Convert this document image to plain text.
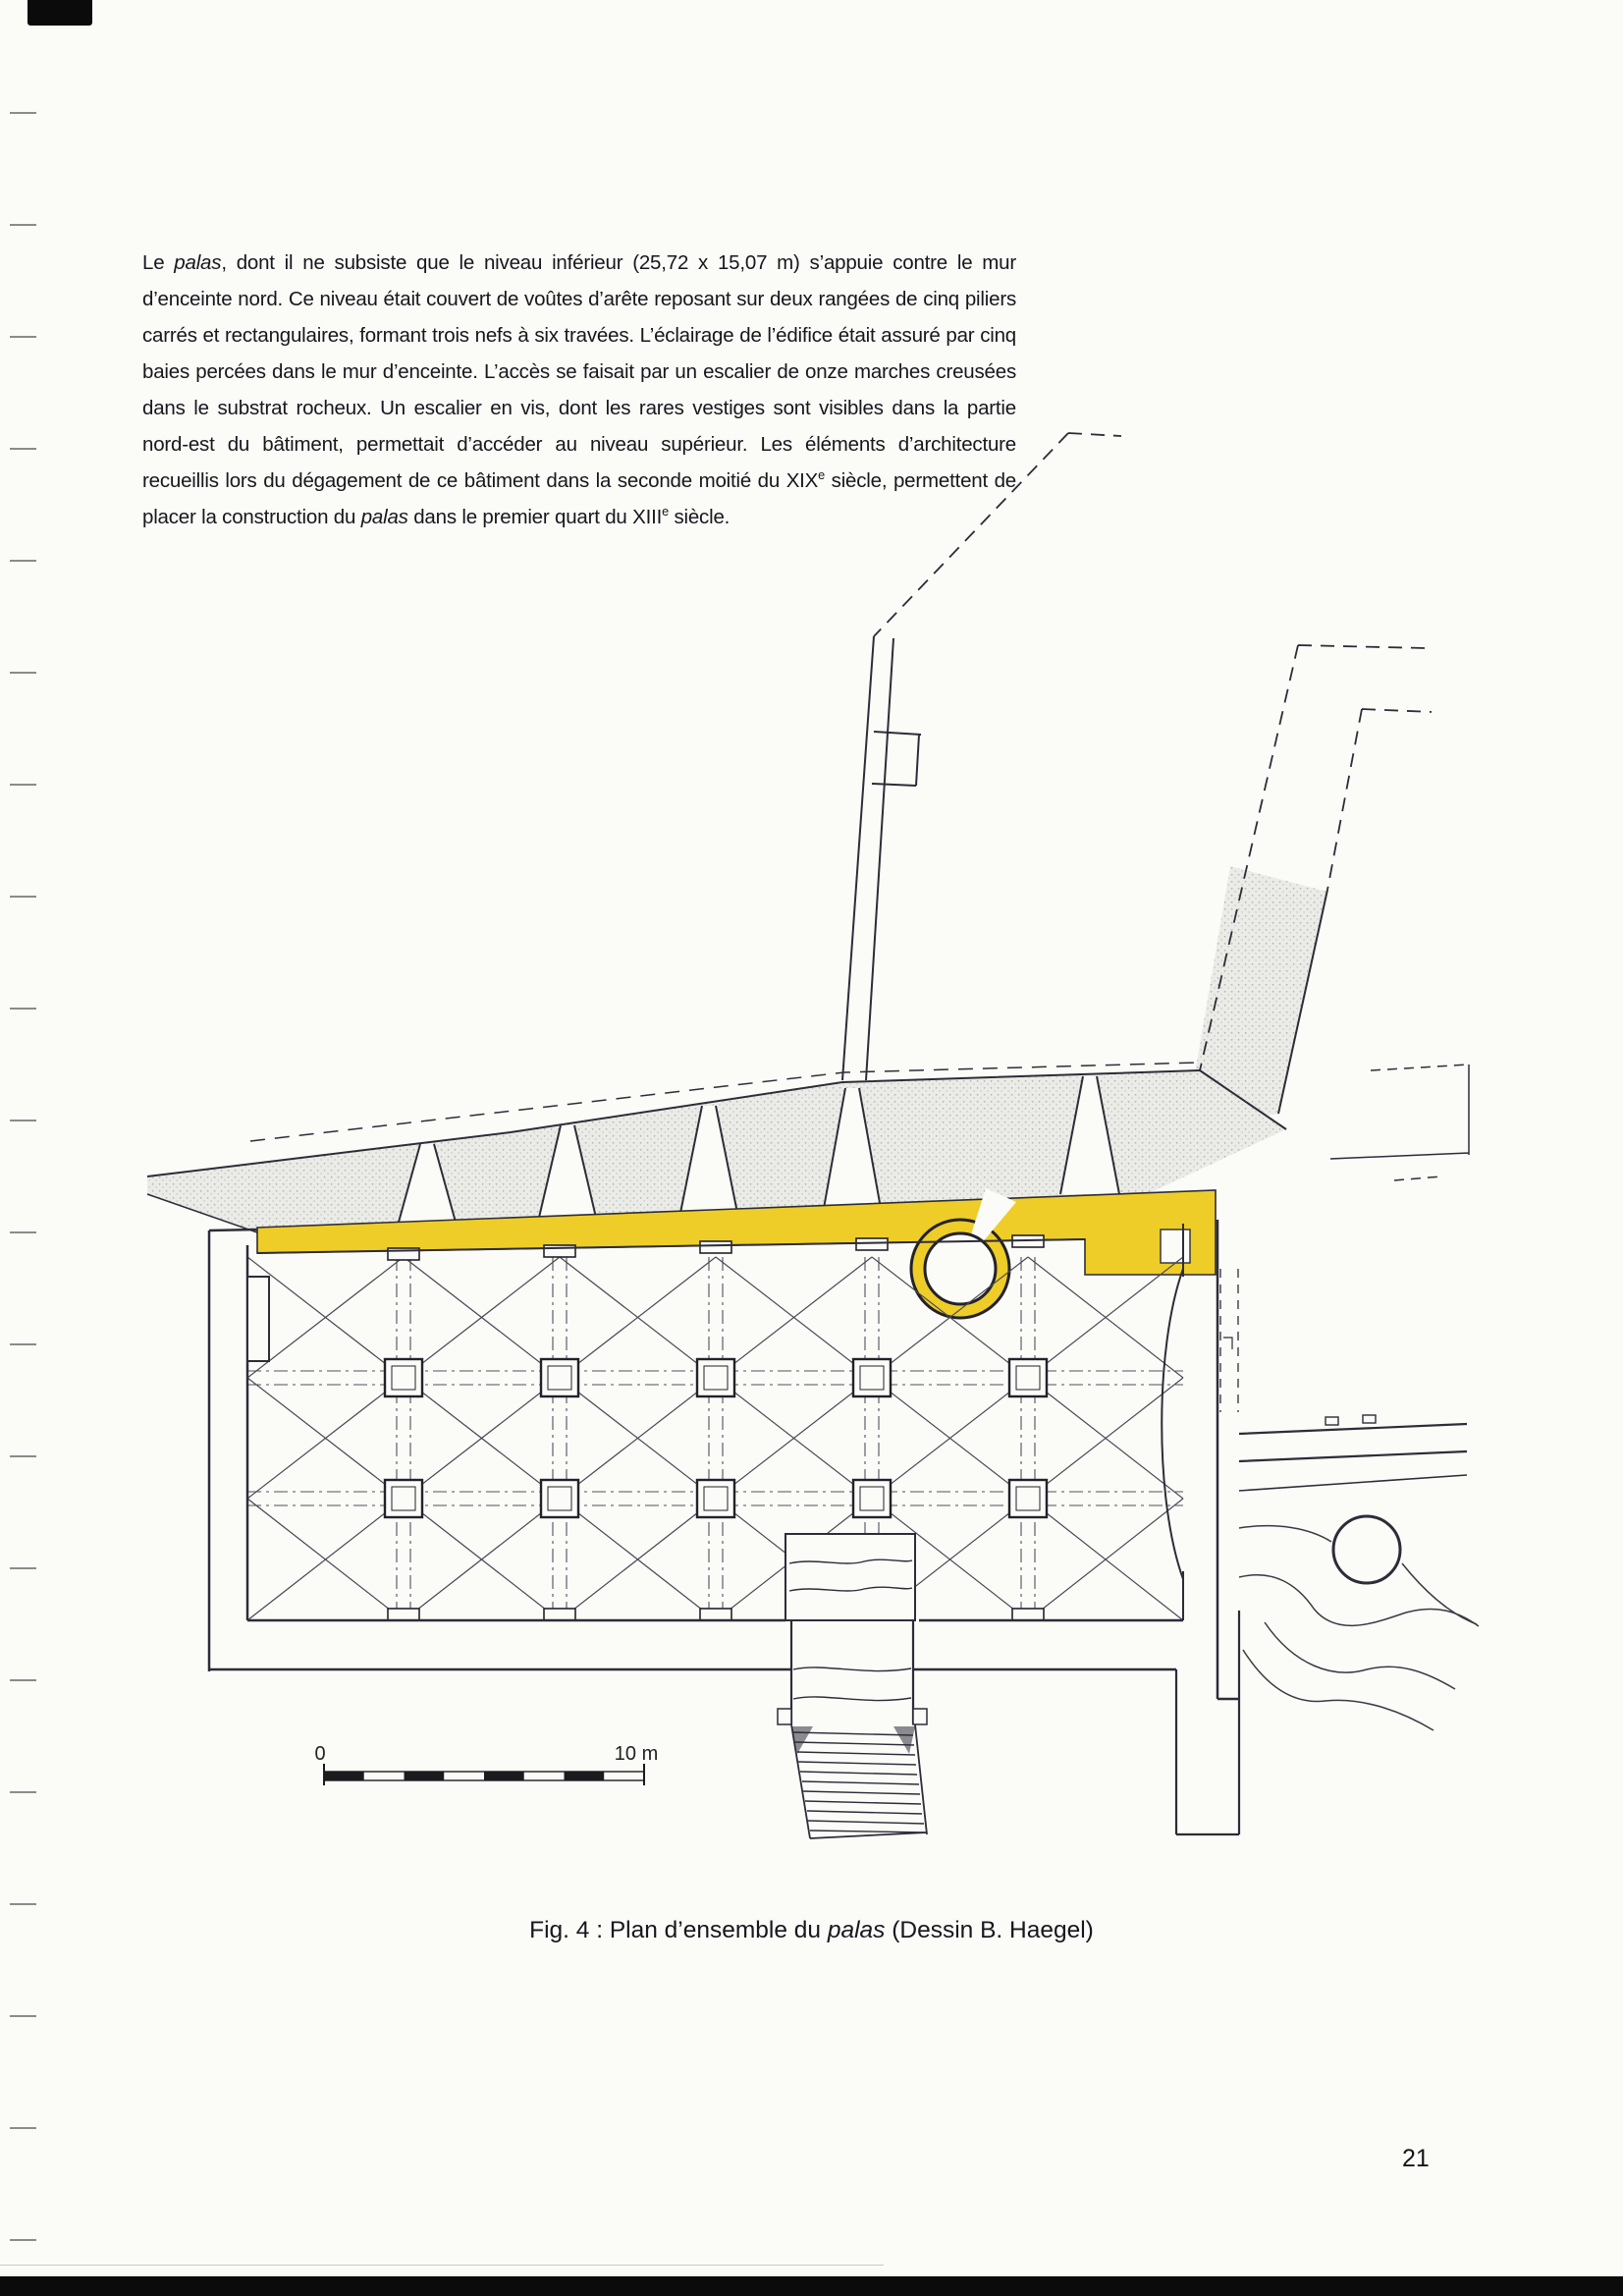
Le palas, dont il ne subsiste que le niveau inférieur (25,72 x 15,07 m) s’appuie contre le mur d’enceinte nord. Ce niveau était couvert de voûtes d’arête reposant sur deux rangées de cinq piliers carrés et rectangulaires, formant trois nefs à six travées. L’éclairage de l’édifice était assuré par cinq baies percées dans le mur d’enceinte. L’accès se faisait par un escalier de onze marches creusées dans le substrat rocheux. Un escalier en vis, dont les rares vestiges sont visibles dans la partie nord-est du bâtiment, permettait d’accéder au niveau supérieur. Les éléments d’architecture recueillis lors du dégagement de ce bâtiment dans la seconde moitié du XIXe siècle, permettent de placer la construction du palas dans le premier quart du XIIIe siècle.

0	10 m
Fig. 4 : Plan d’ensemble du palas (Dessin B. Haegel)
21
